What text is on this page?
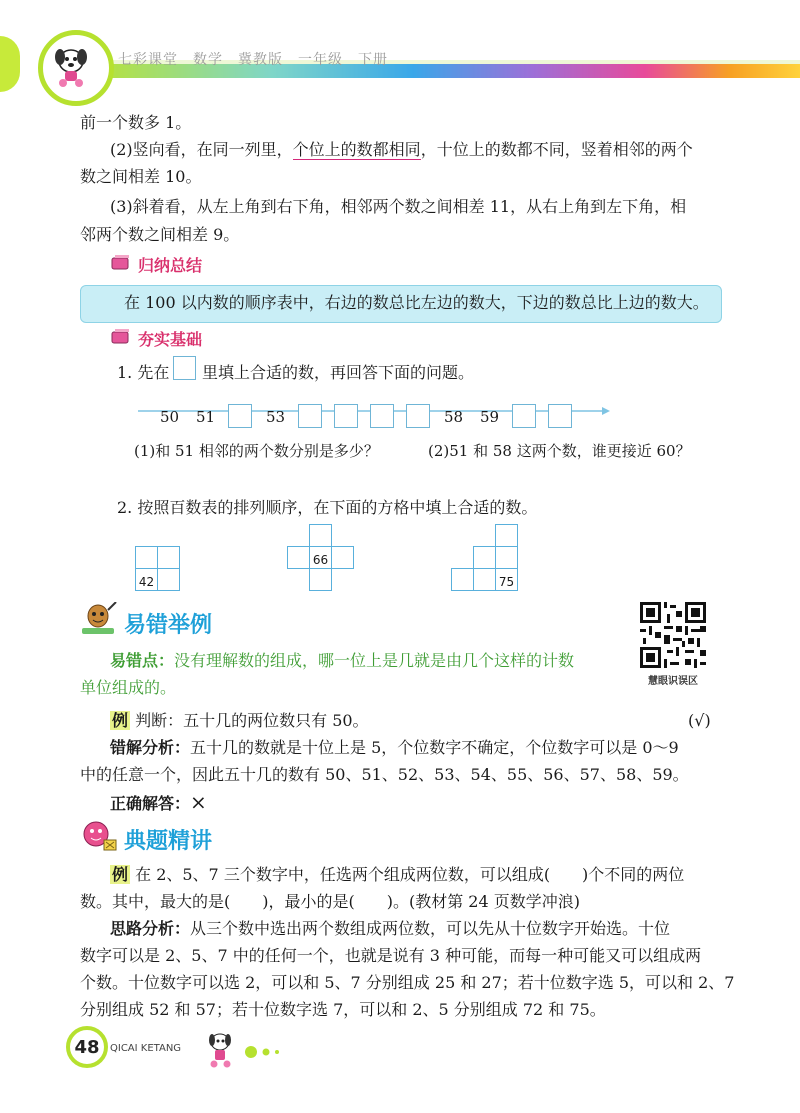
七彩课堂　数学　冀教版　一年级　下册
前一个数多 1。
(2)竖向看，在同一列里，个位上的数都相同，十位上的数都不同，竖着相邻的两个
数之间相差 10。
(3)斜着看，从左上角到右下角，相邻两个数之间相差 11，从右上角到左下角，相
邻两个数之间相差 9。
归纳总结
在 100 以内数的顺序表中，右边的数总比左边的数大，下边的数总比上边的数大。
夯实基础
1. 先在 里填上合适的数，再回答下面的问题。
50 51	53	58 59
(1)和 51 相邻的两个数分别是多少？	(2)51 和 58 这两个数，谁更接近 60？
2. 按照百数表的排列顺序，在下面的方格中填上合适的数。
42
66
75
易错举例
慧眼识误区
易错点：没有理解数的组成，哪一位上是几就是由几个这样的计数
单位组成的。
例 判断：五十几的两位数只有 50。	(√)
错解分析：五十几的数就是十位上是 5，个位数字不确定，个位数字可以是 0～9
中的任意一个，因此五十几的数有 50、51、52、53、54、55、56、57、58、59。
正确解答：×
典题精讲
例 在 2、5、7 三个数字中，任选两个组成两位数，可以组成(　　)个不同的两位
数。其中，最大的是(　　)，最小的是(　　)。(教材第 24 页数学冲浪)
思路分析：从三个数中选出两个数组成两位数，可以先从十位数字开始选。十位
数字可以是 2、5、7 中的任何一个，也就是说有 3 种可能，而每一种可能又可以组成两
个数。十位数字可以选 2，可以和 5、7 分别组成 25 和 27；若十位数字选 5，可以和 2、7
分别组成 52 和 57；若十位数字选 7，可以和 2、5 分别组成 72 和 75。
48	QICAI KETANG
